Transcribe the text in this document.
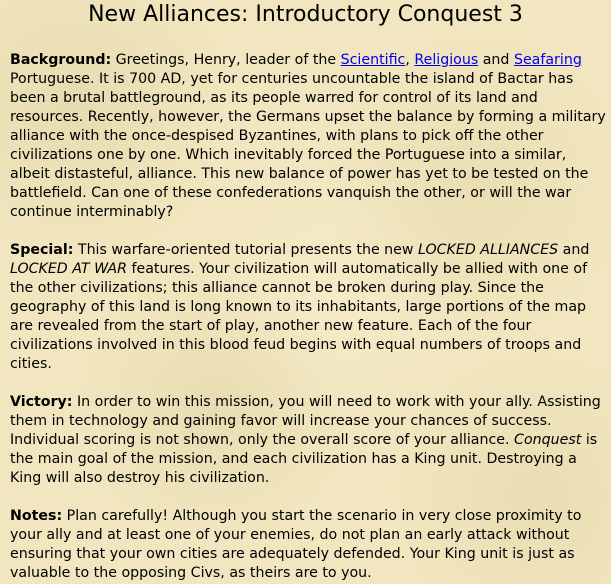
New Alliances: Introductory Conquest 3

Background: Greetings, Henry, leader of the Scientific, Religious and Seafaring Portuguese. It is 700 AD, yet for centuries uncountable the island of Bactar has been a brutal battleground, as its people warred for control of its land and resources. Recently, however, the Germans upset the balance by forming a military alliance with the once-despised Byzantines, with plans to pick off the other civilizations one by one. Which inevitably forced the Portuguese into a similar, albeit distasteful, alliance. This new balance of power has yet to be tested on the battlefield. Can one of these confederations vanquish the other, or will the war continue interminably?

Special: This warfare-oriented tutorial presents the new LOCKED ALLIANCES and LOCKED AT WAR features. Your civilization will automatically be allied with one of the other civilizations; this alliance cannot be broken during play. Since the geography of this land is long known to its inhabitants, large portions of the map are revealed from the start of play, another new feature. Each of the four civilizations involved in this blood feud begins with equal numbers of troops and cities.

Victory: In order to win this mission, you will need to work with your ally. Assisting them in technology and gaining favor will increase your chances of success. Individual scoring is not shown, only the overall score of your alliance. Conquest is the main goal of the mission, and each civilization has a King unit. Destroying a King will also destroy his civilization.

Notes: Plan carefully! Although you start the scenario in very close proximity to your ally and at least one of your enemies, do not plan an early attack without ensuring that your own cities are adequately defended. Your King unit is just as valuable to the opposing Civs, as theirs are to you.
